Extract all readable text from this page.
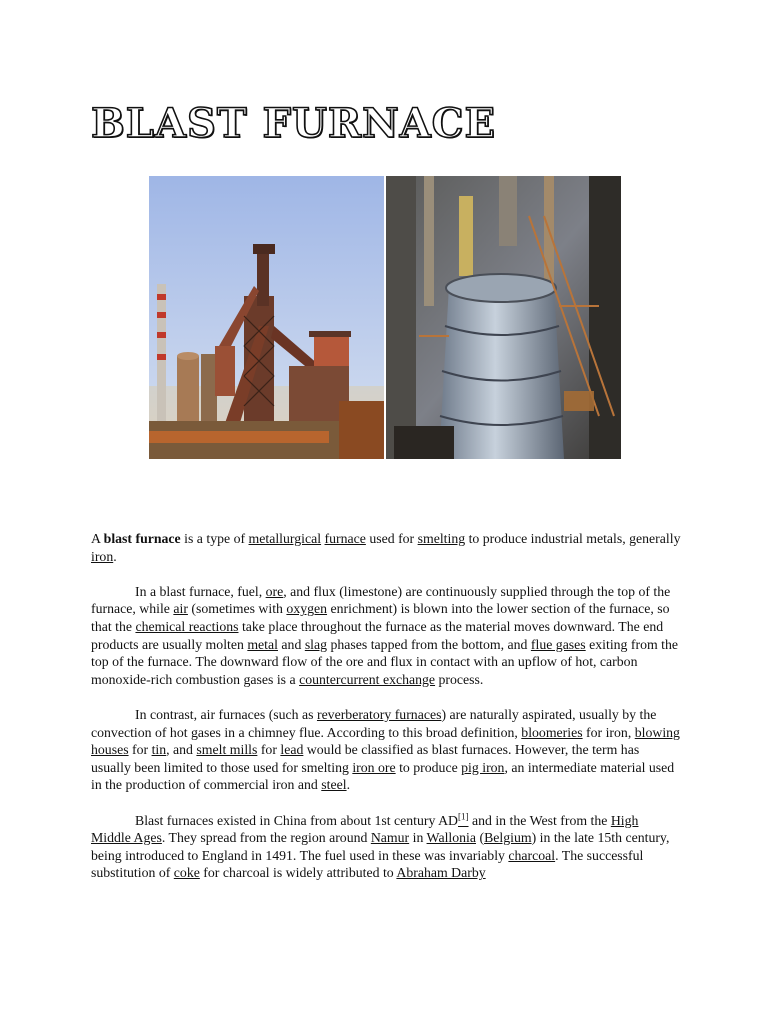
BLAST FURNACE

A blast furnace is a type of metallurgical furnace used for smelting to produce industrial metals, generally iron.

In a blast furnace, fuel, ore, and flux (limestone) are continuously supplied through the top of the furnace, while air (sometimes with oxygen enrichment) is blown into the lower section of the furnace, so that the chemical reactions take place throughout the furnace as the material moves downward. The end products are usually molten metal and slag phases tapped from the bottom, and flue gases exiting from the top of the furnace. The downward flow of the ore and flux in contact with an upflow of hot, carbon monoxide-rich combustion gases is a countercurrent exchange process.

In contrast, air furnaces (such as reverberatory furnaces) are naturally aspirated, usually by the convection of hot gases in a chimney flue. According to this broad definition, bloomeries for iron, blowing houses for tin, and smelt mills for lead would be classified as blast furnaces. However, the term has usually been limited to those used for smelting iron ore to produce pig iron, an intermediate material used in the production of commercial iron and steel.

Blast furnaces existed in China from about 1st century AD[1] and in the West from the High Middle Ages. They spread from the region around Namur in Wallonia (Belgium) in the late 15th century, being introduced to England in 1491. The fuel used in these was invariably charcoal. The successful substitution of coke for charcoal is widely attributed to Abraham Darby
